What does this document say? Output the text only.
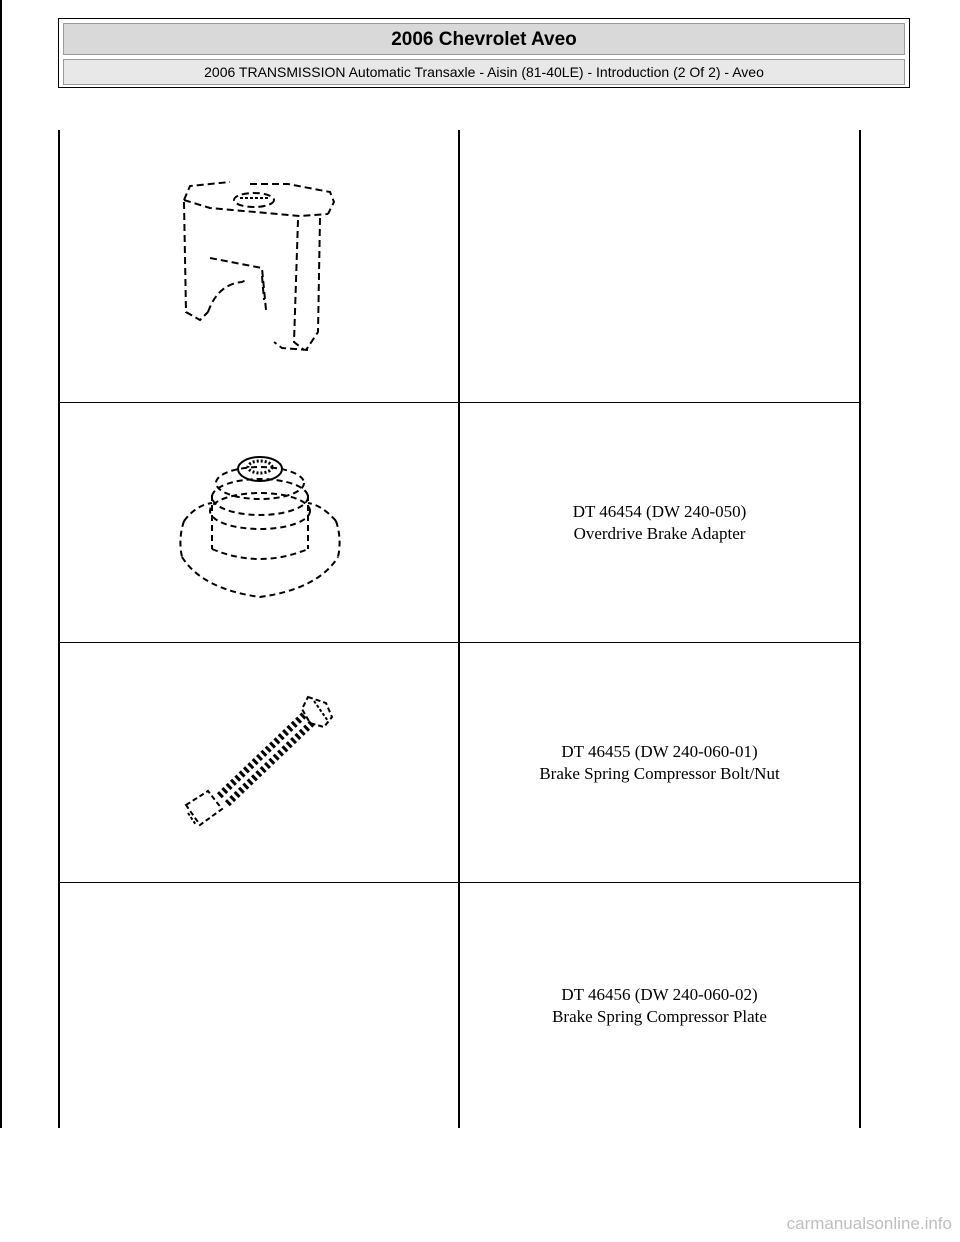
2006 Chevrolet Aveo
2006 TRANSMISSION Automatic Transaxle - Aisin (81-40LE) - Introduction (2 Of 2) - Aveo
DT 46454 (DW 240-050)
Overdrive Brake Adapter
DT 46455 (DW 240-060-01)
Brake Spring Compressor Bolt/Nut
DT 46456 (DW 240-060-02)
Brake Spring Compressor Plate
carmanualsonline.info
